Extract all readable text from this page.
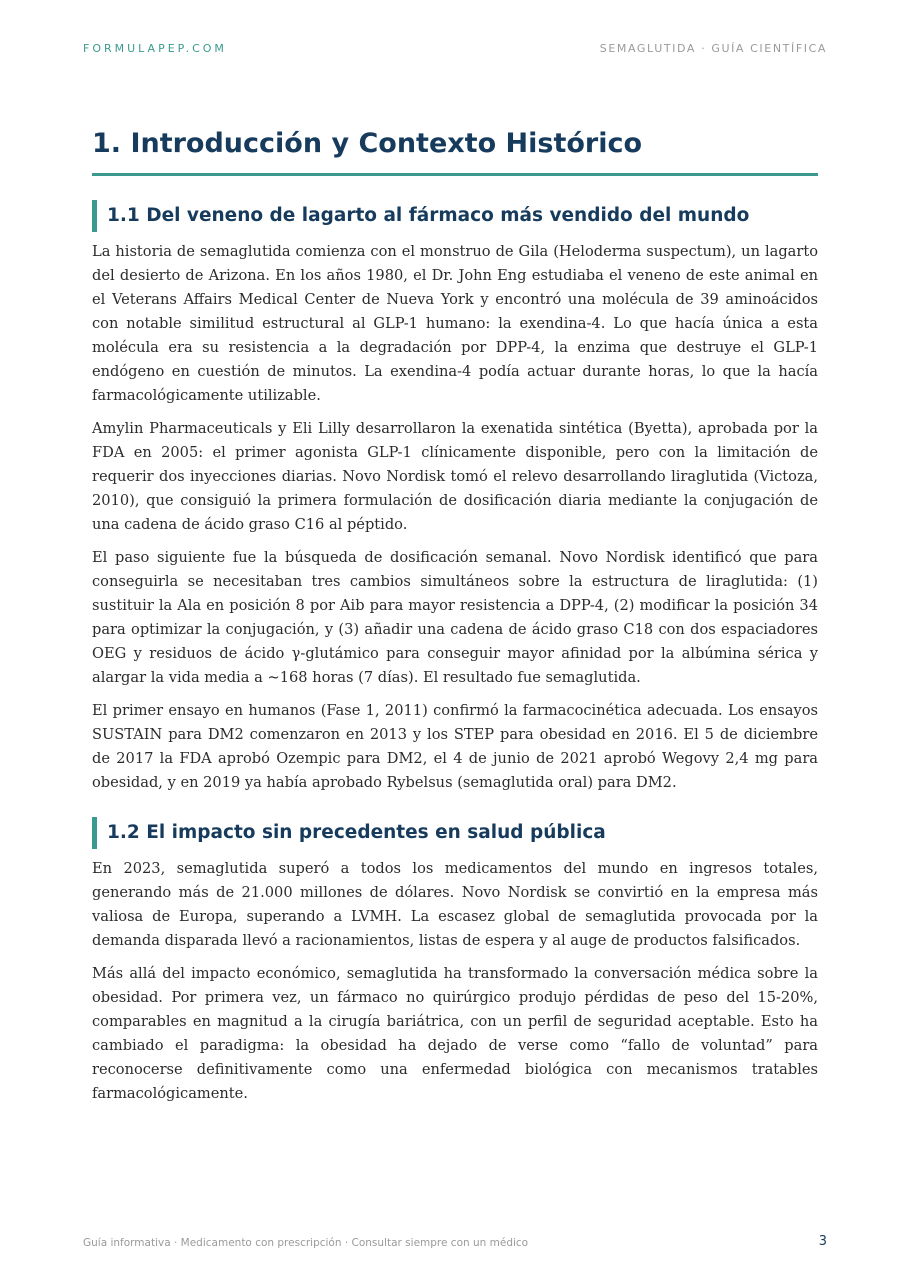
FORMULAPEP.COM	SEMAGLUTIDA · GUÍA CIENTÍFICA
1. Introducción y Contexto Histórico
1.1 Del veneno de lagarto al fármaco más vendido del mundo

La historia de semaglutida comienza con el monstruo de Gila (Heloderma suspectum), un lagarto del desierto de Arizona. En los años 1980, el Dr. John Eng estudiaba el veneno de este animal en el Veterans Affairs Medical Center de Nueva York y encontró una molécula de 39 aminoácidos con notable similitud estructural al GLP-1 humano: la exendina-4. Lo que hacía única a esta molécula era su resistencia a la degradación por DPP-4, la enzima que destruye el GLP-1 endógeno en cuestión de minutos. La exendina-4 podía actuar durante horas, lo que la hacía farmacológicamente utilizable.

Amylin Pharmaceuticals y Eli Lilly desarrollaron la exenatida sintética (Byetta), aprobada por la FDA en 2005: el primer agonista GLP-1 clínicamente disponible, pero con la limitación de requerir dos inyecciones diarias. Novo Nordisk tomó el relevo desarrollando liraglutida (Victoza, 2010), que consiguió la primera formulación de dosificación diaria mediante la conjugación de una cadena de ácido graso C16 al péptido.

El paso siguiente fue la búsqueda de dosificación semanal. Novo Nordisk identificó que para conseguirla se necesitaban tres cambios simultáneos sobre la estructura de liraglutida: (1) sustituir la Ala en posición 8 por Aib para mayor resistencia a DPP-4, (2) modificar la posición 34 para optimizar la conjugación, y (3) añadir una cadena de ácido graso C18 con dos espaciadores OEG y residuos de ácido γ-glutámico para conseguir mayor afinidad por la albúmina sérica y alargar la vida media a ~168 horas (7 días). El resultado fue semaglutida.

El primer ensayo en humanos (Fase 1, 2011) confirmó la farmacocinética adecuada. Los ensayos SUSTAIN para DM2 comenzaron en 2013 y los STEP para obesidad en 2016. El 5 de diciembre de 2017 la FDA aprobó Ozempic para DM2, el 4 de junio de 2021 aprobó Wegovy 2,4 mg para obesidad, y en 2019 ya había aprobado Rybelsus (semaglutida oral) para DM2.

1.2 El impacto sin precedentes en salud pública

En 2023, semaglutida superó a todos los medicamentos del mundo en ingresos totales, generando más de 21.000 millones de dólares. Novo Nordisk se convirtió en la empresa más valiosa de Europa, superando a LVMH. La escasez global de semaglutida provocada por la demanda disparada llevó a racionamientos, listas de espera y al auge de productos falsificados.

Más allá del impacto económico, semaglutida ha transformado la conversación médica sobre la obesidad. Por primera vez, un fármaco no quirúrgico produjo pérdidas de peso del 15-20%, comparables en magnitud a la cirugía bariátrica, con un perfil de seguridad aceptable. Esto ha cambiado el paradigma: la obesidad ha dejado de verse como “fallo de voluntad” para reconocerse definitivamente como una enfermedad biológica con mecanismos tratables farmacológicamente.

Guía informativa · Medicamento con prescripción · Consultar siempre con un médico	3
